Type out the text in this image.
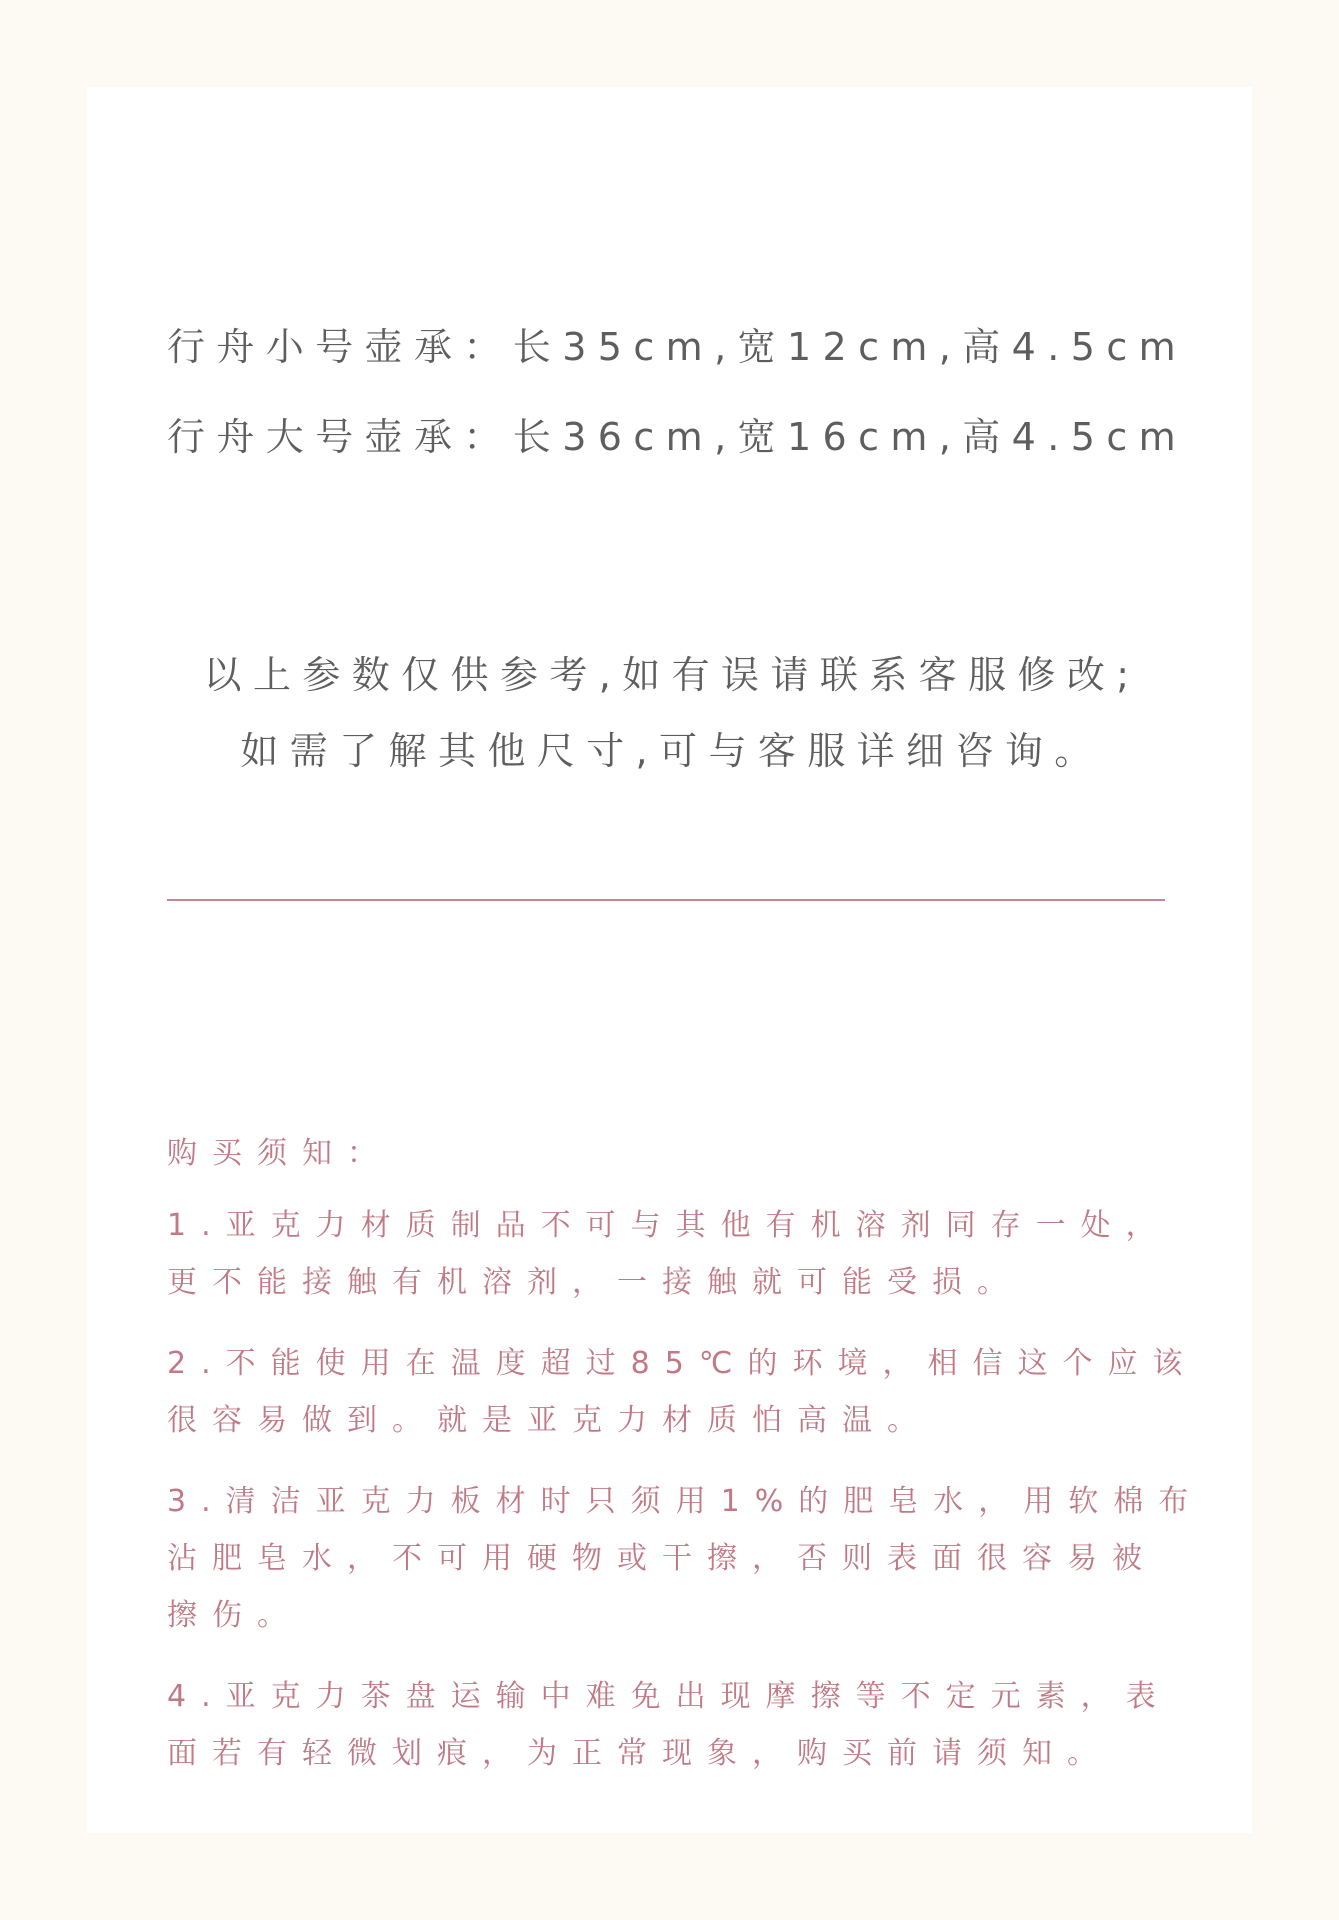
行舟小号壶承：长35cm,宽12cm,高4.5cm
行舟大号壶承：长36cm,宽16cm,高4.5cm
以上参数仅供参考,如有误请联系客服修改;
如需了解其他尺寸,可与客服详细咨询。
购买须知：
1.亚克力材质制品不可与其他有机溶剂同存一处，
更不能接触有机溶剂，一接触就可能受损。
2.不能使用在温度超过85℃的环境，相信这个应该
很容易做到。就是亚克力材质怕高温。
3.清洁亚克力板材时只须用1%的肥皂水，用软棉布
沾肥皂水，不可用硬物或干擦，否则表面很容易被
擦伤。
4.亚克力茶盘运输中难免出现摩擦等不定元素，表
面若有轻微划痕，为正常现象，购买前请须知。
